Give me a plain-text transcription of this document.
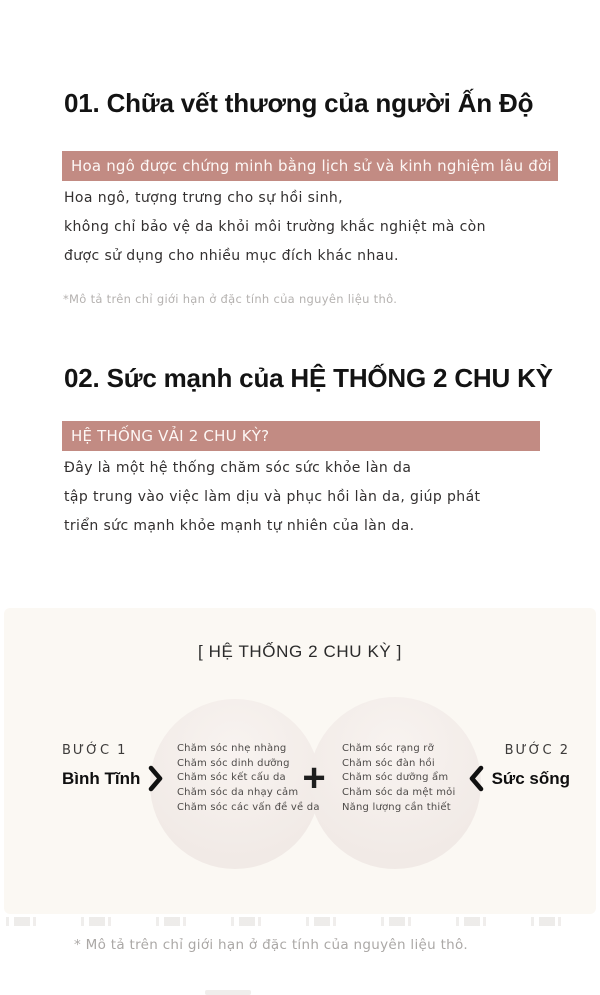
01. Chữa vết thương của người Ấn Độ
Hoa ngô được chứng minh bằng lịch sử và kinh nghiệm lâu đời
Hoa ngô, tượng trưng cho sự hồi sinh,
không chỉ bảo vệ da khỏi môi trường khắc nghiệt mà còn
được sử dụng cho nhiều mục đích khác nhau.
*Mô tả trên chỉ giới hạn ở đặc tính của nguyên liệu thô.
02. Sức mạnh của HỆ THỐNG 2 CHU KỲ
HỆ THỐNG VẢI 2 CHU KỲ?
Đây là một hệ thống chăm sóc sức khỏe làn da
tập trung vào việc làm dịu và phục hồi làn da, giúp phát
triển sức mạnh khỏe mạnh tự nhiên của làn da.
[ HỆ THỐNG 2 CHU KỲ ]
Chăm sóc nhẹ nhàng
Chăm sóc dinh dưỡng
Chăm sóc kết cấu da
Chăm sóc da nhạy cảm
Chăm sóc các vấn đề về da
Chăm sóc rạng rỡ
Chăm sóc đàn hồi
Chăm sóc dưỡng ẩm
Chăm sóc da mệt mỏi
Năng lượng cần thiết
+
BƯỚC 1
Bình Tĩnh
BƯỚC 2
Sức sống
* Mô tả trên chỉ giới hạn ở đặc tính của nguyên liệu thô.
